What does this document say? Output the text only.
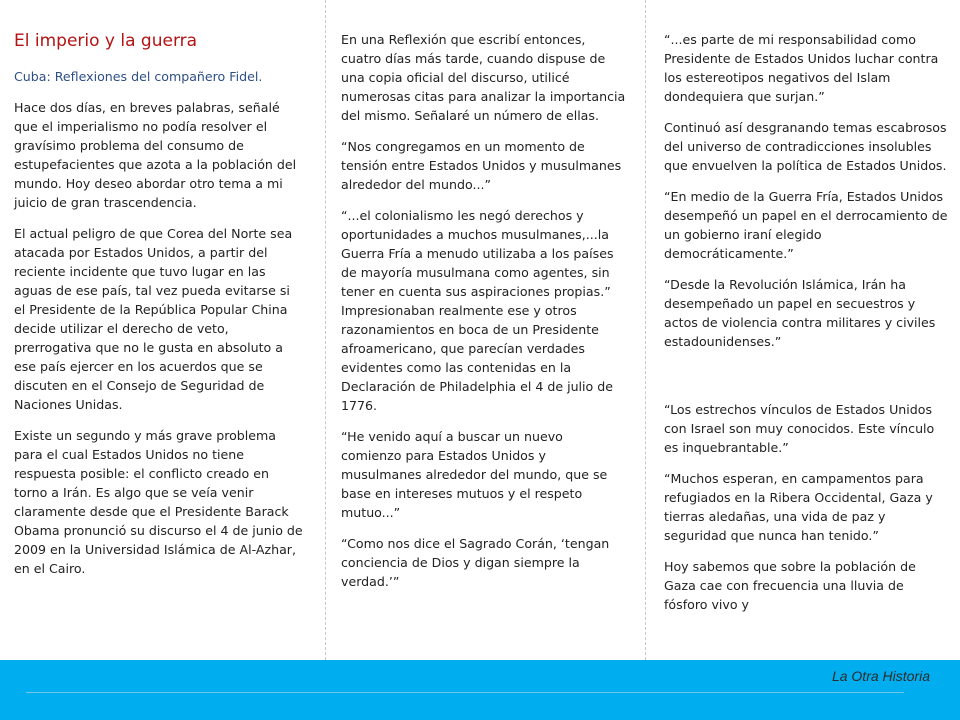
El imperio y la guerra

Cuba: Reflexiones del compañero Fidel.

Hace dos días, en breves palabras, señalé que el imperialismo no podía resolver el gravísimo problema del consumo de estupefacientes que azota a la población del mundo. Hoy deseo abordar otro tema a mi juicio de gran trascendencia.

El actual peligro de que Corea del Norte sea atacada por Estados Unidos, a partir del reciente incidente que tuvo lugar en las aguas de ese país, tal vez pueda evitarse si el Presidente de la República Popular China decide utilizar el derecho de veto, prerrogativa que no le gusta en absoluto a ese país ejercer en los acuerdos que se discuten en el Consejo de Seguridad de Naciones Unidas.

Existe un segundo y más grave problema para el cual Estados Unidos no tiene respuesta posible: el conflicto creado en torno a Irán. Es algo que se veía venir claramente desde que el Presidente Barack Obama pronunció su discurso el 4 de junio de 2009 en la Universidad Islámica de Al-Azhar, en el Cairo.

En una Reflexión que escribí entonces, cuatro días más tarde, cuando dispuse de una copia oficial del discurso, utilicé numerosas citas para analizar la importancia del mismo. Señalaré un número de ellas.

“Nos congregamos en un momento de tensión entre Estados Unidos y musulmanes alrededor del mundo...”

“...el colonialismo les negó derechos y oportunidades a muchos musulmanes,...la Guerra Fría a menudo utilizaba a los países de mayoría musulmana como agentes, sin tener en cuenta sus aspiraciones propias.” Impresionaban realmente ese y otros razonamientos en boca de un Presidente afroamericano, que parecían verdades evidentes como las contenidas en la Declaración de Philadelphia el 4 de julio de 1776.

“He venido aquí a buscar un nuevo comienzo para Estados Unidos y musulmanes alrededor del mundo, que se base en intereses mutuos y el respeto mutuo...”

“Como nos dice el Sagrado Corán, ‘tengan conciencia de Dios y digan siempre la verdad.’”

“...es parte de mi responsabilidad como Presidente de Estados Unidos luchar contra los estereotipos negativos del Islam dondequiera que surjan.”

Continuó así desgranando temas escabrosos del universo de contradicciones insolubles que envuelven la política de Estados Unidos.

“En medio de la Guerra Fría, Estados Unidos desempeñó un papel en el derrocamiento de un gobierno iraní elegido democráticamente.”

“Desde la Revolución Islámica, Irán ha desempeñado un papel en secuestros y actos de violencia contra militares y civiles estadounidenses.”

“Los estrechos vínculos de Estados Unidos con Israel son muy conocidos. Este vínculo es inquebrantable.”

“Muchos esperan, en campamentos para refugiados en la Ribera Occidental, Gaza y tierras aledañas, una vida de paz y seguridad que nunca han tenido.”

Hoy sabemos que sobre la población de Gaza cae con frecuencia una lluvia de fósforo vivo y

La Otra Historia
